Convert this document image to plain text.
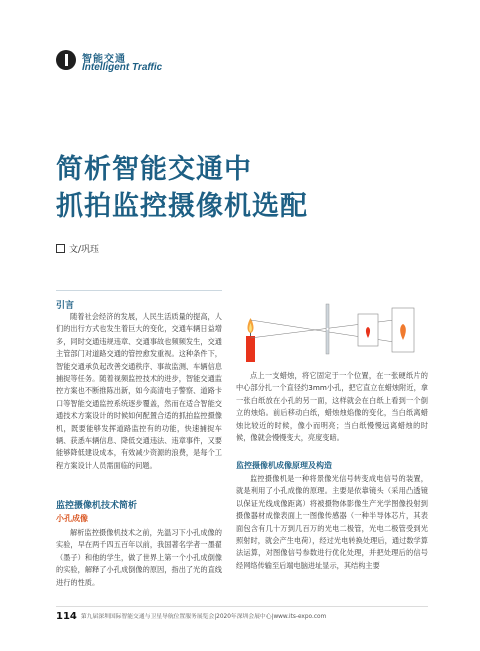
智能交通
Intelligent Traffic
简析智能交通中
抓拍监控摄像机选配
文/巩珏
引言

随着社会经济的发展，人民生活质量的提高，人们的出行方式也发生着巨大的变化，交通车辆日益增多，同时交通违规违章、交通事故也频频发生，交通主管部门对道路交通的管控愈发重视。这种条件下，智能交通承负起改善交通秩序、事故监测、车辆信息捕捉等任务。随着视频监控技术的进步，智能交通监控方案也不断推陈出新，如今高清电子警察、道路卡口等智能交通监控系统逐步覆盖，然而在适合智能交通技术方案设计的时候如何配置合适的抓拍监控摄像机，既要能够发挥道路监控有的功能，快速捕捉车辆、获悉车辆信息、降低交通违法、违章事件，又要能够降低建设成本，有效减少资源的浪费，是每个工程方案设计人员需面临的问题。

监控摄像机技术简析
小孔成像

解析监控摄像机技术之前，先温习下小孔成像的实验，早在两千四五百年以前，我国著名学者一墨翟（墨子）和他的学生，做了世界上第一个小孔成倒像的实验，解释了小孔成倒像的原因，指出了光的直线进行的性质。

点上一支蜡烛，将它固定于一个位置，在一张硬纸片的中心部分扎一个直径约3mm小孔，把它直立在蜡烛附近，拿一张白纸放在小孔的另一面，这样就会在白纸上看到一个倒立的烛焰。前后移动白纸，蜡烛烛焰像的变化，当白纸离蜡烛比较近的时候，像小而明亮；当白纸慢慢远离蜡烛的时候，像就会慢慢变大，亮度变暗。

监控摄像机成像原理及构造

监控摄像机是一种将景像光信号转变成电信号的装置，就是利用了小孔成像的原理。主要是依靠镜头（采用凸透镜以保证光线成像距离）将被摄物体影像生产光学图像投射到摄像器材成像表面上一图像传感器（一种半导体芯片，其表面包含有几十万到几百万的光电二极管，光电二极管受到光照射时，就会产生电荷），经过光电转换处理后，通过数学算法运算，对图像信号参数进行优化处理，并把处理后的信号经网络传输至后端电脑进址显示，其结构主要

114 第九届深圳国际智能交通与卫星导航位置服务展览会|2020年深圳会展中心|www.its-expo.com
